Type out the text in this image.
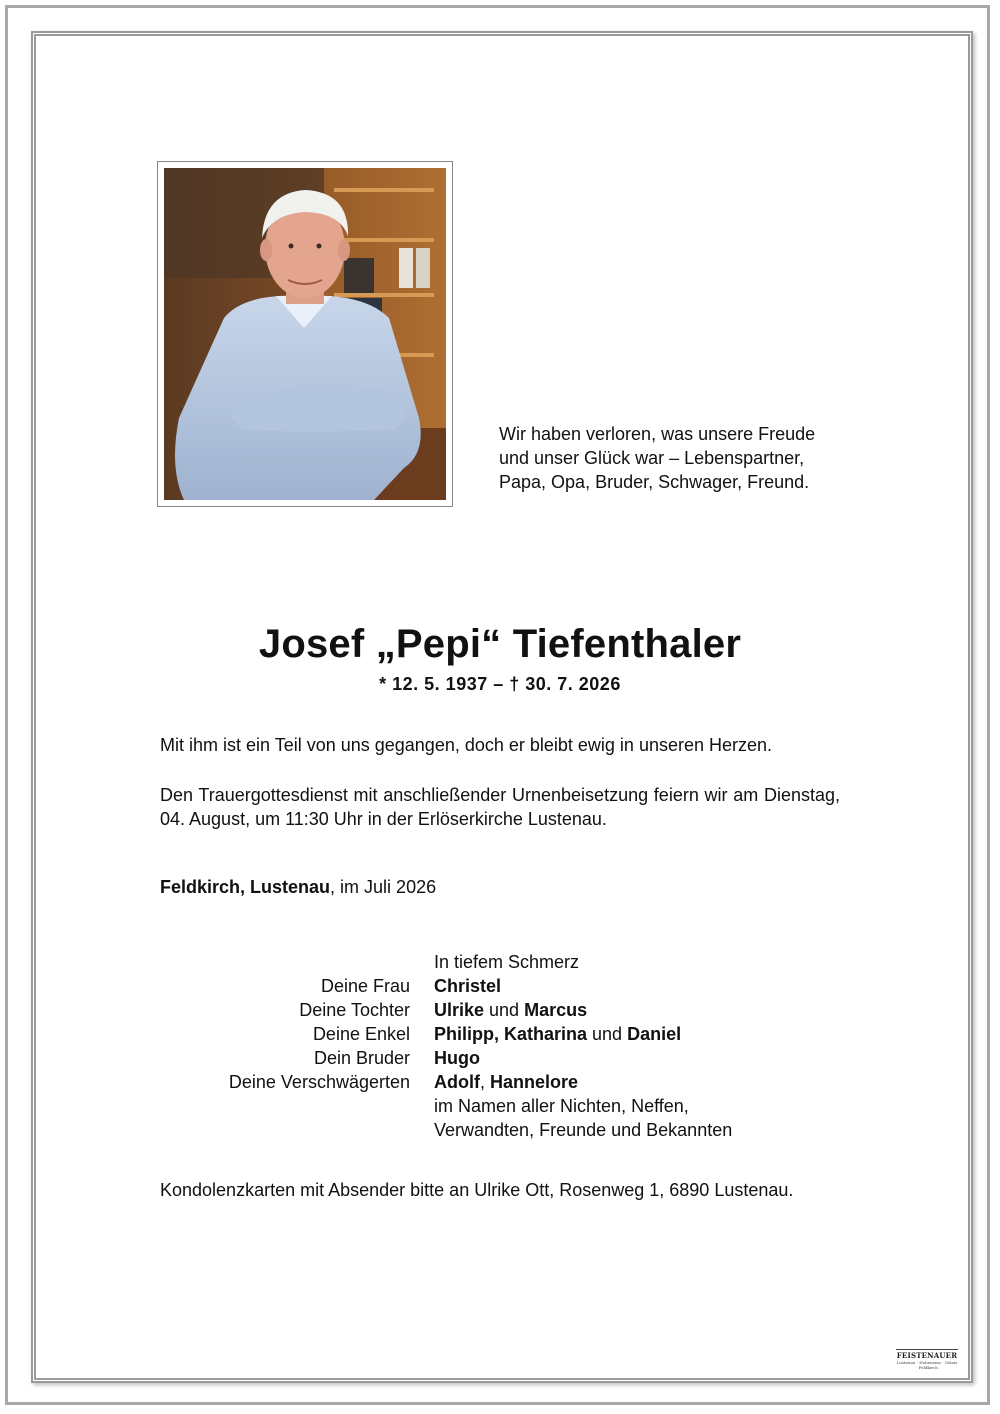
Wir haben verloren, was unsere Freude
und unser Glück war – Lebenspartner,
Papa, Opa, Bruder, Schwager, Freund.
Josef „Pepi“ Tiefenthaler
* 12. 5. 1937 – † 30. 7. 2026
Mit ihm ist ein Teil von uns gegangen, doch er bleibt ewig in unseren Herzen.
Den Trauergottesdienst mit anschließender Urnenbeisetzung feiern wir am Dienstag, 04. August, um 11:30 Uhr in der Erlöserkirche Lustenau.
Feldkirch, Lustenau, im Juli 2026
In tiefem Schmerz
Deine Frau	Christel
Deine Tochter	Ulrike und Marcus
Deine Enkel	Philipp, Katharina und Daniel
Dein Bruder	Hugo
Deine Verschwägerten	Adolf, Hannelore
im Namen aller Nichten, Neffen,
Verwandten, Freunde und Bekannten
Kondolenzkarten mit Absender bitte an Ulrike Ott, Rosenweg 1, 6890 Lustenau.
FEISTENAUER
Lustenau · Hohenems · Götzis · Feldkirch
